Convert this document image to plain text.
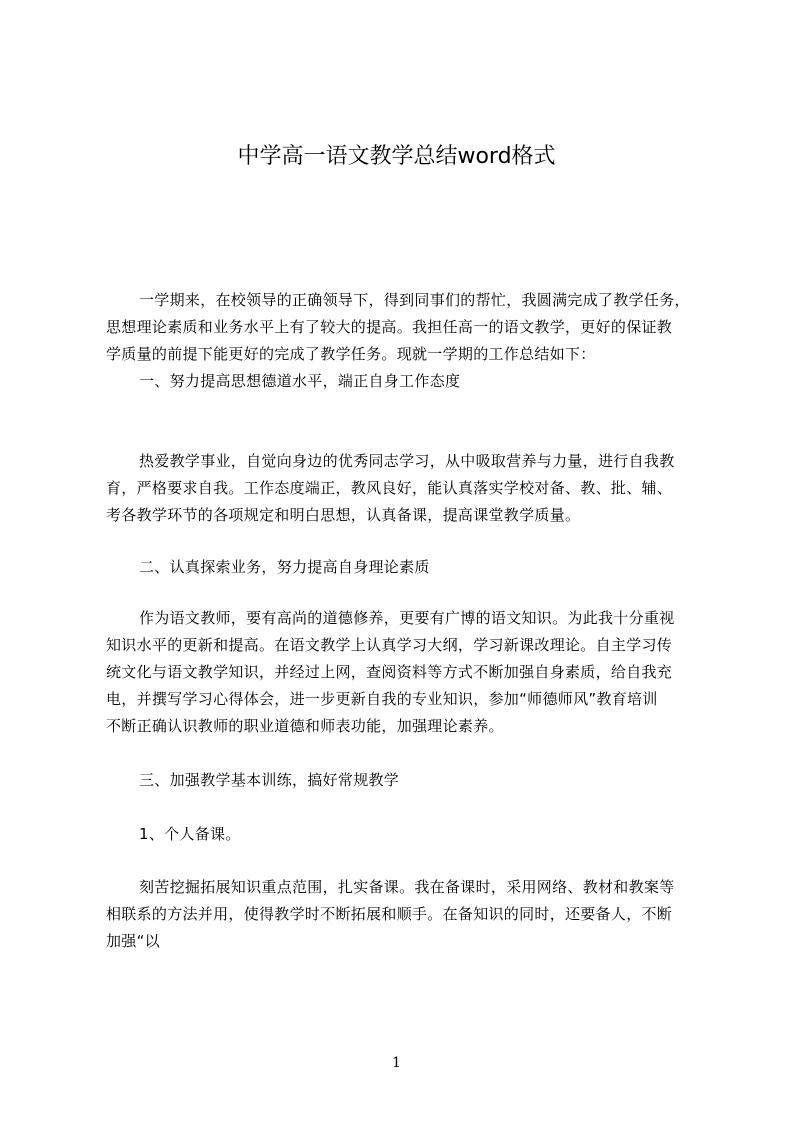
中学高一语文教学总结word格式
一学期来，在校领导的正确领导下，得到同事们的帮忙，我圆满完成了教学任务，
思想理论素质和业务水平上有了较大的提高。我担任高一的语文教学，更好的保证教
学质量的前提下能更好的完成了教学任务。现就一学期的工作总结如下：
一、努力提高思想德道水平，端正自身工作态度
热爱教学事业，自觉向身边的优秀同志学习，从中吸取营养与力量，进行自我教
育，严格要求自我。工作态度端正，教风良好，能认真落实学校对备、教、批、辅、
考各教学环节的各项规定和明白思想，认真备课，提高课堂教学质量。
二、认真探索业务，努力提高自身理论素质
作为语文教师，要有高尚的道德修养，更要有广博的语文知识。为此我十分重视
知识水平的更新和提高。在语文教学上认真学习大纲，学习新课改理论。自主学习传
统文化与语文教学知识，并经过上网，查阅资料等方式不断加强自身素质，给自我充
电，并撰写学习心得体会，进一步更新自我的专业知识，参加“师德师风”教育培训
不断正确认识教师的职业道德和师表功能，加强理论素养。
三、加强教学基本训练，搞好常规教学
1、个人备课。
刻苦挖掘拓展知识重点范围，扎实备课。我在备课时，采用网络、教材和教案等
相联系的方法并用，使得教学时不断拓展和顺手。在备知识的同时，还要备人，不断
加强“以
1
